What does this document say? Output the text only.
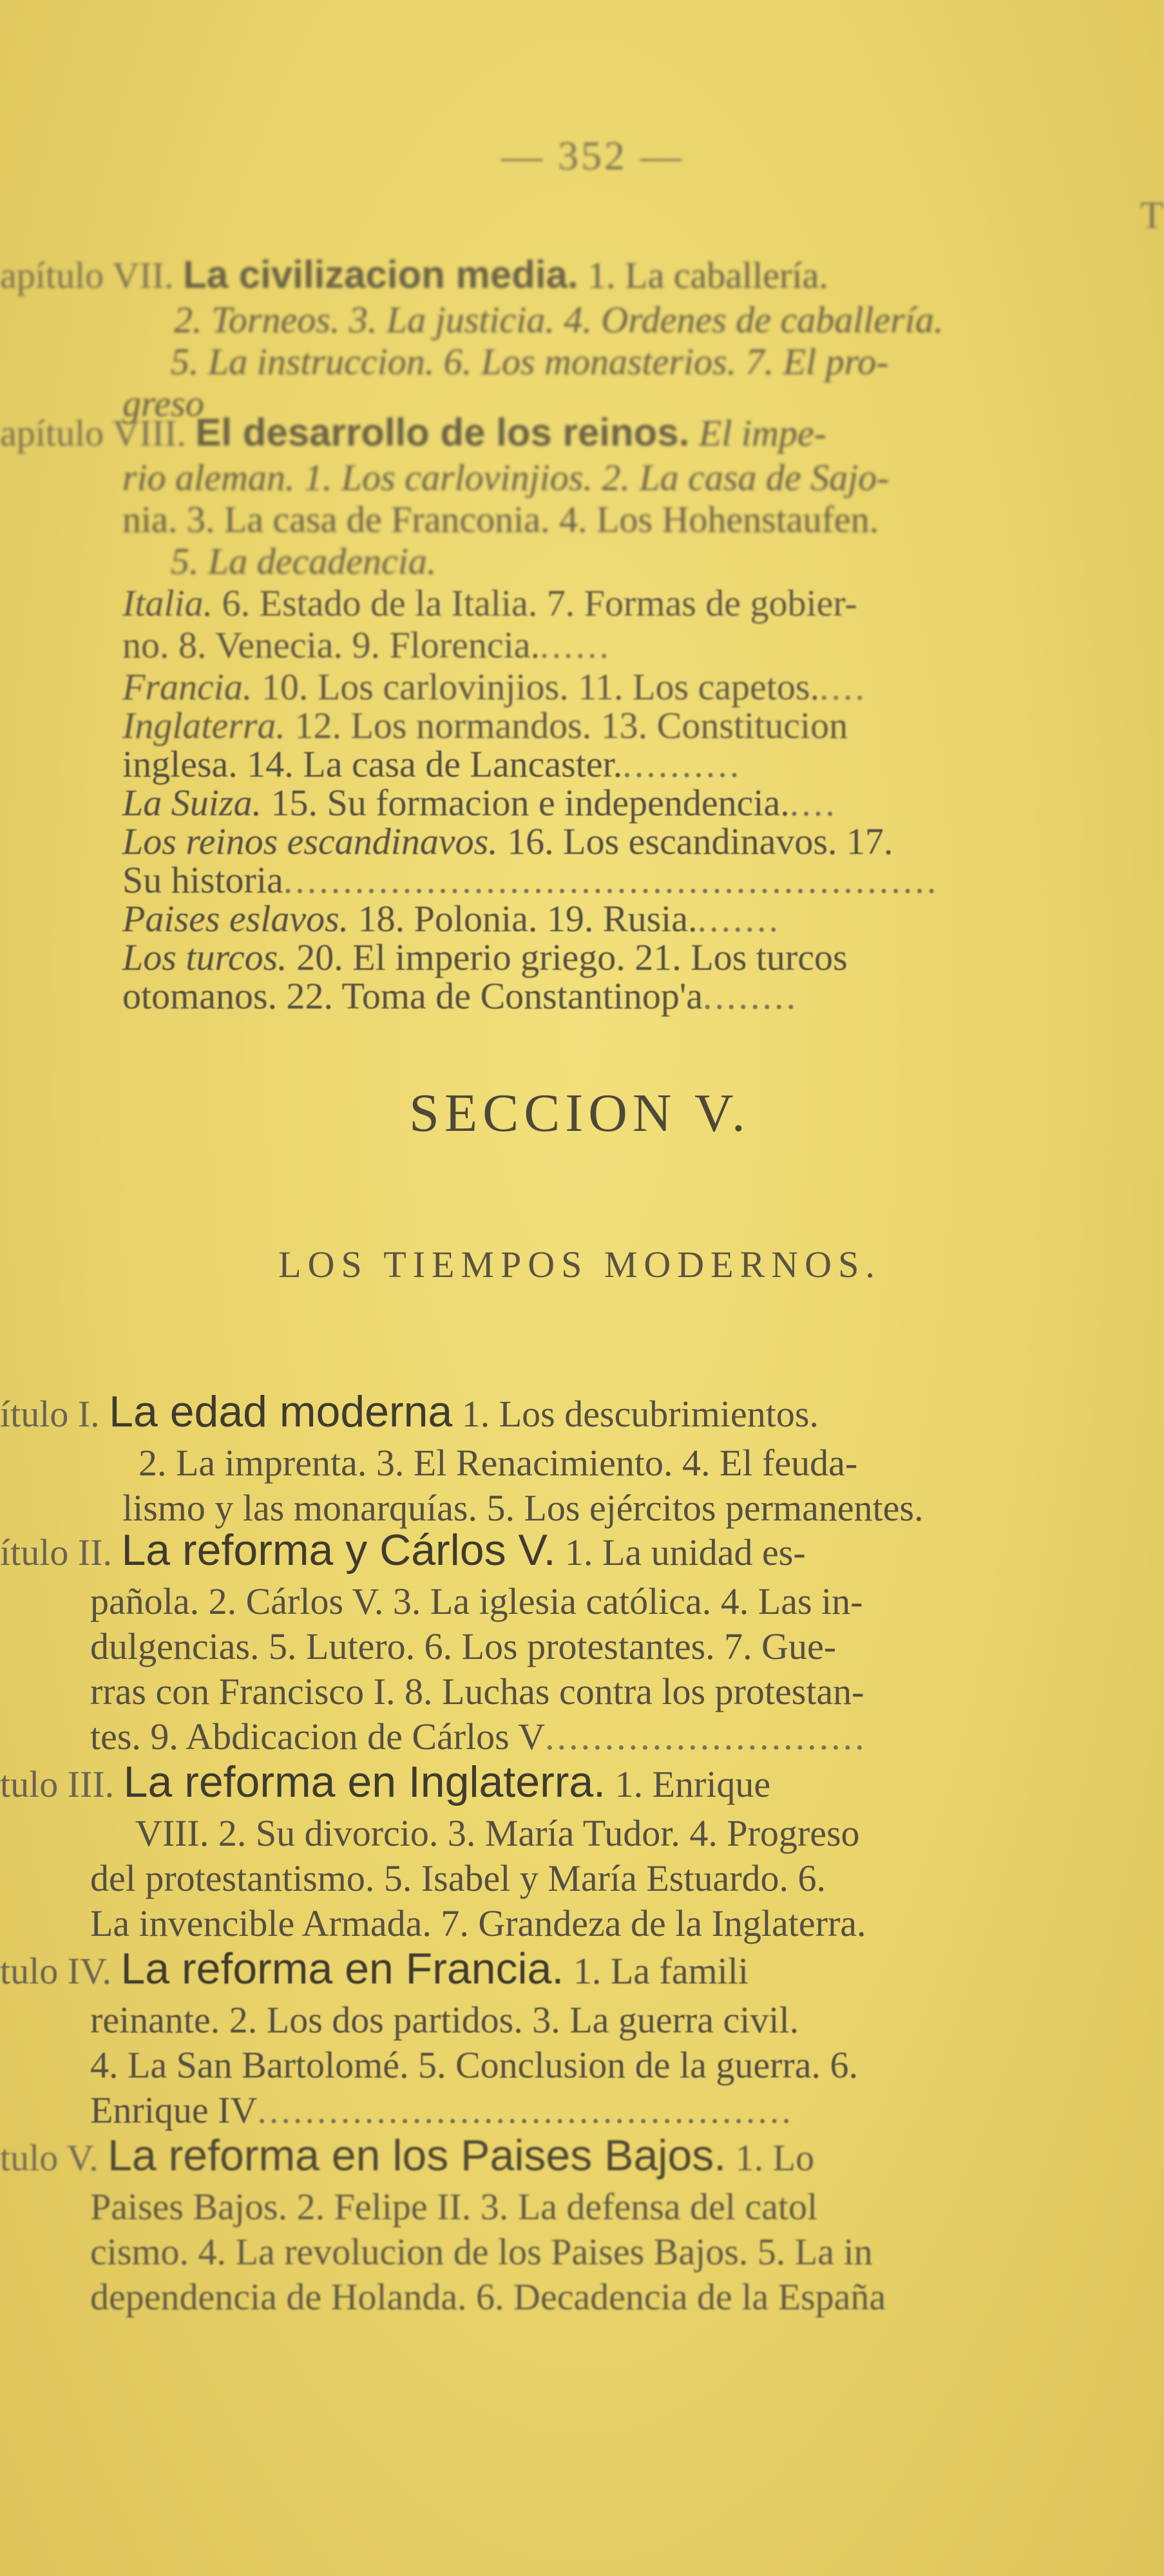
— 352 —
T
apítulo VII. La civilizacion media. 1. La caballería.
2. Torneos. 3. La justicia. 4. Ordenes de caballería.
5. La instruccion. 6. Los monasterios. 7. El pro-
greso
apítulo VIII. El desarrollo de los reinos. El impe-
rio aleman. 1. Los carlovinjios. 2. La casa de Sajo-
nia. 3. La casa de Franconia. 4. Los Hohenstaufen.
5. La decadencia.
Italia. 6. Estado de la Italia. 7. Formas de gobier-
no. 8. Venecia. 9. Florencia.......
Francia. 10. Los carlovinjios. 11. Los capetos.....
Inglaterra. 12. Los normandos. 13. Constitucion
inglesa. 14. La casa de Lancaster...........
La Suiza. 15. Su formacion e independencia.....
Los reinos escandinavos. 16. Los escandinavos. 17.
Su historia.......................................................
Paises eslavos. 18. Polonia. 19. Rusia........
Los turcos. 20. El imperio griego. 21. Los turcos
otomanos. 22. Toma de Constantinop'a........
SECCION V.
LOS TIEMPOS MODERNOS.
ítulo I. La edad moderna 1. Los descubrimientos.
2. La imprenta. 3. El Renacimiento. 4. El feuda-
lismo y las monarquías. 5. Los ejércitos permanentes.
ítulo II. La reforma y Cárlos V. 1. La unidad es-
pañola. 2. Cárlos V. 3. La iglesia católica. 4. Las in-
dulgencias. 5. Lutero. 6. Los protestantes. 7. Gue-
rras con Francisco I. 8. Luchas contra los protestan-
tes. 9. Abdicacion de Cárlos V...........................
tulo III. La reforma en Inglaterra. 1. Enrique
VIII. 2. Su divorcio. 3. María Tudor. 4. Progreso
del protestantismo. 5. Isabel y María Estuardo. 6.
La invencible Armada. 7. Grandeza de la Inglaterra.
tulo IV. La reforma en Francia. 1. La famili
reinante. 2. Los dos partidos. 3. La guerra civil.
4. La San Bartolomé. 5. Conclusion de la guerra. 6.
Enrique IV.............................................
tulo V. La reforma en los Paises Bajos. 1. Lo
Paises Bajos. 2. Felipe II. 3. La defensa del catol
cismo. 4. La revolucion de los Paises Bajos. 5. La in
dependencia de Holanda. 6. Decadencia de la España
